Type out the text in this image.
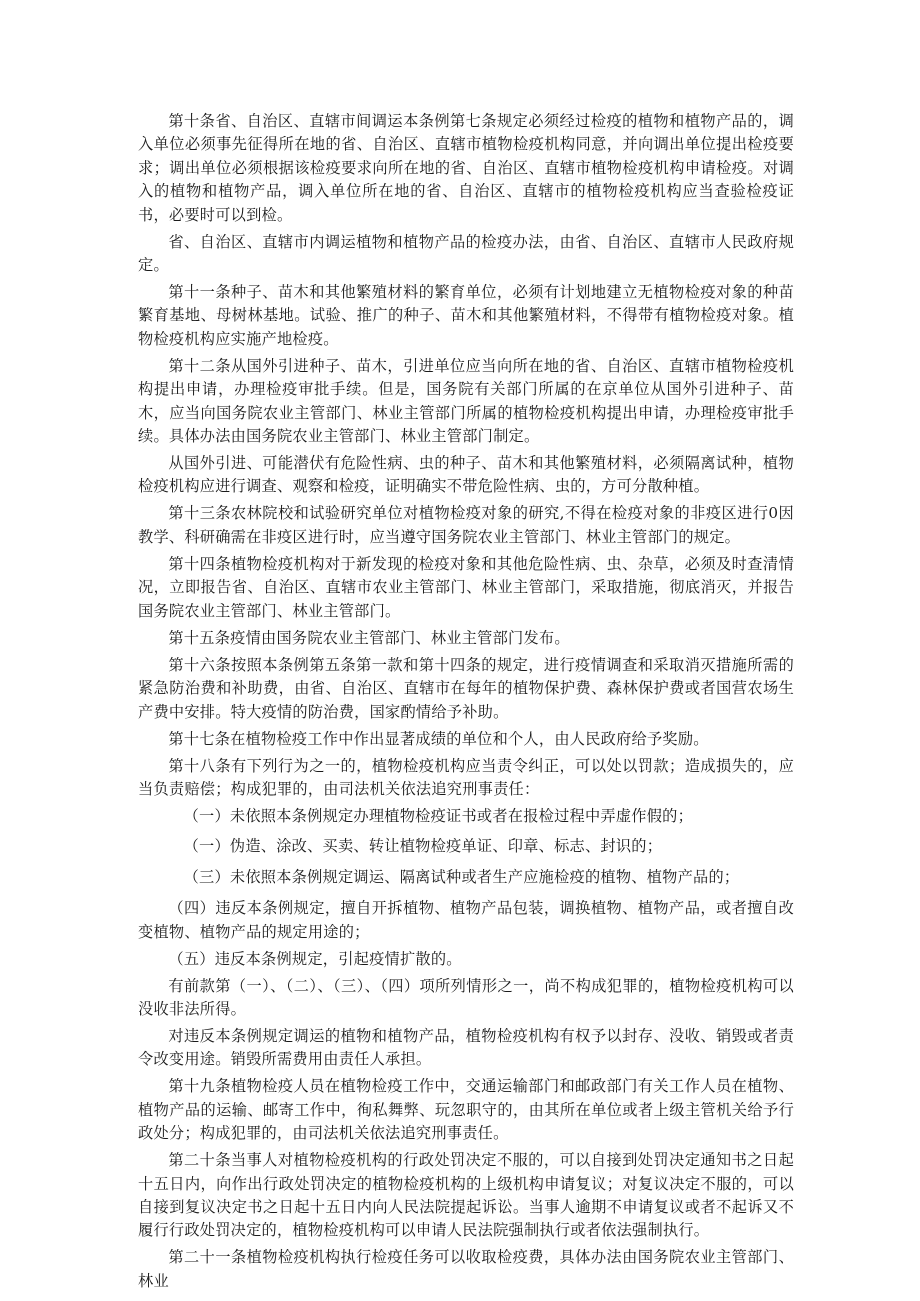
第十条省、自治区、直辖市间调运本条例第七条规定必须经过检疫的植物和植物产品的，调入单位必须事先征得所在地的省、自治区、直辖市植物检疫机构同意，并向调出单位提出检疫要求；调出单位必须根据该检疫要求向所在地的省、自治区、直辖市植物检疫机构申请检疫。对调入的植物和植物产品，调入单位所在地的省、自治区、直辖市的植物检疫机构应当查验检疫证书，必要时可以到检。

省、自治区、直辖市内调运植物和植物产品的检疫办法，由省、自治区、直辖市人民政府规定。

第十一条种子、苗木和其他繁殖材料的繁育单位，必须有计划地建立无植物检疫对象的种苗繁育基地、母树林基地。试验、推广的种子、苗木和其他繁殖材料，不得带有植物检疫对象。植物检疫机构应实施产地检疫。

第十二条从国外引进种子、苗木，引进单位应当向所在地的省、自治区、直辖市植物检疫机构提出申请，办理检疫审批手续。但是，国务院有关部门所属的在京单位从国外引进种子、苗木，应当向国务院农业主管部门、林业主管部门所属的植物检疫机构提出申请，办理检疫审批手续。具体办法由国务院农业主管部门、林业主管部门制定。

从国外引进、可能潜伏有危险性病、虫的种子、苗木和其他繁殖材料，必须隔离试种，植物检疫机构应进行调查、观察和检疫，证明确实不带危险性病、虫的，方可分散种植。

第十三条农林院校和试验研究单位对植物检疫对象的研究,不得在检疫对象的非疫区进行0因教学、科研确需在非疫区进行时，应当遵守国务院农业主管部门、林业主管部门的规定。

第十四条植物检疫机构对于新发现的检疫对象和其他危险性病、虫、杂草，必须及时查清情况，立即报告省、自治区、直辖市农业主管部门、林业主管部门，采取措施，彻底消灭，并报告国务院农业主管部门、林业主管部门。

第十五条疫情由国务院农业主管部门、林业主管部门发布。

第十六条按照本条例第五条第一款和第十四条的规定，进行疫情调查和采取消灭措施所需的紧急防治费和补助费，由省、自治区、直辖市在每年的植物保护费、森林保护费或者国营农场生产费中安排。特大疫情的防治费，国家酌情给予补助。

第十七条在植物检疫工作中作出显著成绩的单位和个人，由人民政府给予奖励。

第十八条有下列行为之一的，植物检疫机构应当责令纠正，可以处以罚款；造成损失的，应当负责赔偿；构成犯罪的，由司法机关依法追究刑事责任：

（一）未依照本条例规定办理植物检疫证书或者在报检过程中弄虚作假的；

（一）伪造、涂改、买卖、转让植物检疫单证、印章、标志、封识的；

（三）未依照本条例规定调运、隔离试种或者生产应施检疫的植物、植物产品的；

（四）违反本条例规定，擅自开拆植物、植物产品包装，调换植物、植物产品，或者擅自改变植物、植物产品的规定用途的；

（五）违反本条例规定，引起疫情扩散的。

有前款第（一）、（二）、（三）、（四）项所列情形之一，尚不构成犯罪的，植物检疫机构可以没收非法所得。

对违反本条例规定调运的植物和植物产品，植物检疫机构有权予以封存、没收、销毁或者责令改变用途。销毁所需费用由责任人承担。

第十九条植物检疫人员在植物检疫工作中，交通运输部门和邮政部门有关工作人员在植物、植物产品的运输、邮寄工作中，徇私舞弊、玩忽职守的，由其所在单位或者上级主管机关给予行政处分；构成犯罪的，由司法机关依法追究刑事责任。

第二十条当事人对植物检疫机构的行政处罚决定不服的，可以自接到处罚决定通知书之日起十五日内，向作出行政处罚决定的植物检疫机构的上级机构申请复议；对复议决定不服的，可以自接到复议决定书之日起十五日内向人民法院提起诉讼。当事人逾期不申请复议或者不起诉又不履行行政处罚决定的，植物检疫机构可以申请人民法院强制执行或者依法强制执行。

第二十一条植物检疫机构执行检疫任务可以收取检疫费，具体办法由国务院农业主管部门、林业
